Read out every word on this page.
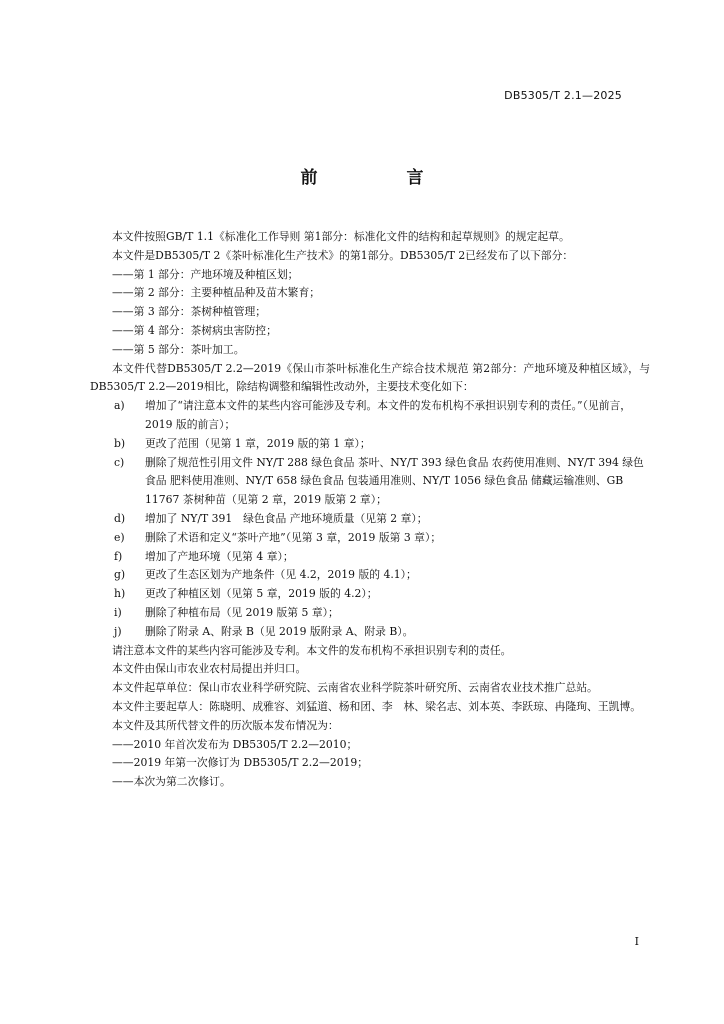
DB5305/T 2.1—2025
前　言

本文件按照GB/T 1.1《标准化工作导则 第1部分：标准化文件的结构和起草规则》的规定起草。

本文件是DB5305/T 2《茶叶标准化生产技术》的第1部分。DB5305/T 2已经发布了以下部分：

——第 1 部分：产地环境及种植区划；

——第 2 部分：主要种植品种及苗木繁育；

——第 3 部分：茶树种植管理；

——第 4 部分：茶树病虫害防控；

——第 5 部分：茶叶加工。

本文件代替DB5305/T 2.2—2019《保山市茶叶标准化生产综合技术规范 第2部分：产地环境及种植区域》，与DB5305/T 2.2—2019相比，除结构调整和编辑性改动外，主要技术变化如下：

a) 增加了“请注意本文件的某些内容可能涉及专利。本文件的发布机构不承担识别专利的责任。”（见前言，2019 版的前言）；
b) 更改了范围（见第 1 章，2019 版的第 1 章）；
c) 删除了规范性引用文件 NY/T 288 绿色食品 茶叶、NY/T 393 绿色食品 农药使用准则、NY/T 394 绿色食品 肥料使用准则、NY/T 658 绿色食品 包装通用准则、NY/T 1056 绿色食品 储藏运输准则、GB 11767 茶树种苗（见第 2 章，2019 版第 2 章）；
d) 增加了 NY/T 391　绿色食品 产地环境质量（见第 2 章）；
e) 删除了术语和定义“茶叶产地”（见第 3 章，2019 版第 3 章）；
f) 增加了产地环境（见第 4 章）；
g) 更改了生态区划为产地条件（见 4.2，2019 版的 4.1）；
h) 更改了种植区划（见第 5 章，2019 版的 4.2）；
i) 删除了种植布局（见 2019 版第 5 章）；
j) 删除了附录 A、附录 B（见 2019 版附录 A、附录 B）。

请注意本文件的某些内容可能涉及专利。本文件的发布机构不承担识别专利的责任。

本文件由保山市农业农村局提出并归口。

本文件起草单位：保山市农业科学研究院、云南省农业科学院茶叶研究所、云南省农业技术推广总站。

本文件主要起草人：陈晓明、成雅容、刘猛道、杨和团、李　林、梁名志、刘本英、李跃琼、冉隆珣、王凯博。

本文件及其所代替文件的历次版本发布情况为：

——2010 年首次发布为 DB5305/T 2.2—2010；

——2019 年第一次修订为 DB5305/T 2.2—2019；

——本次为第二次修订。

I
